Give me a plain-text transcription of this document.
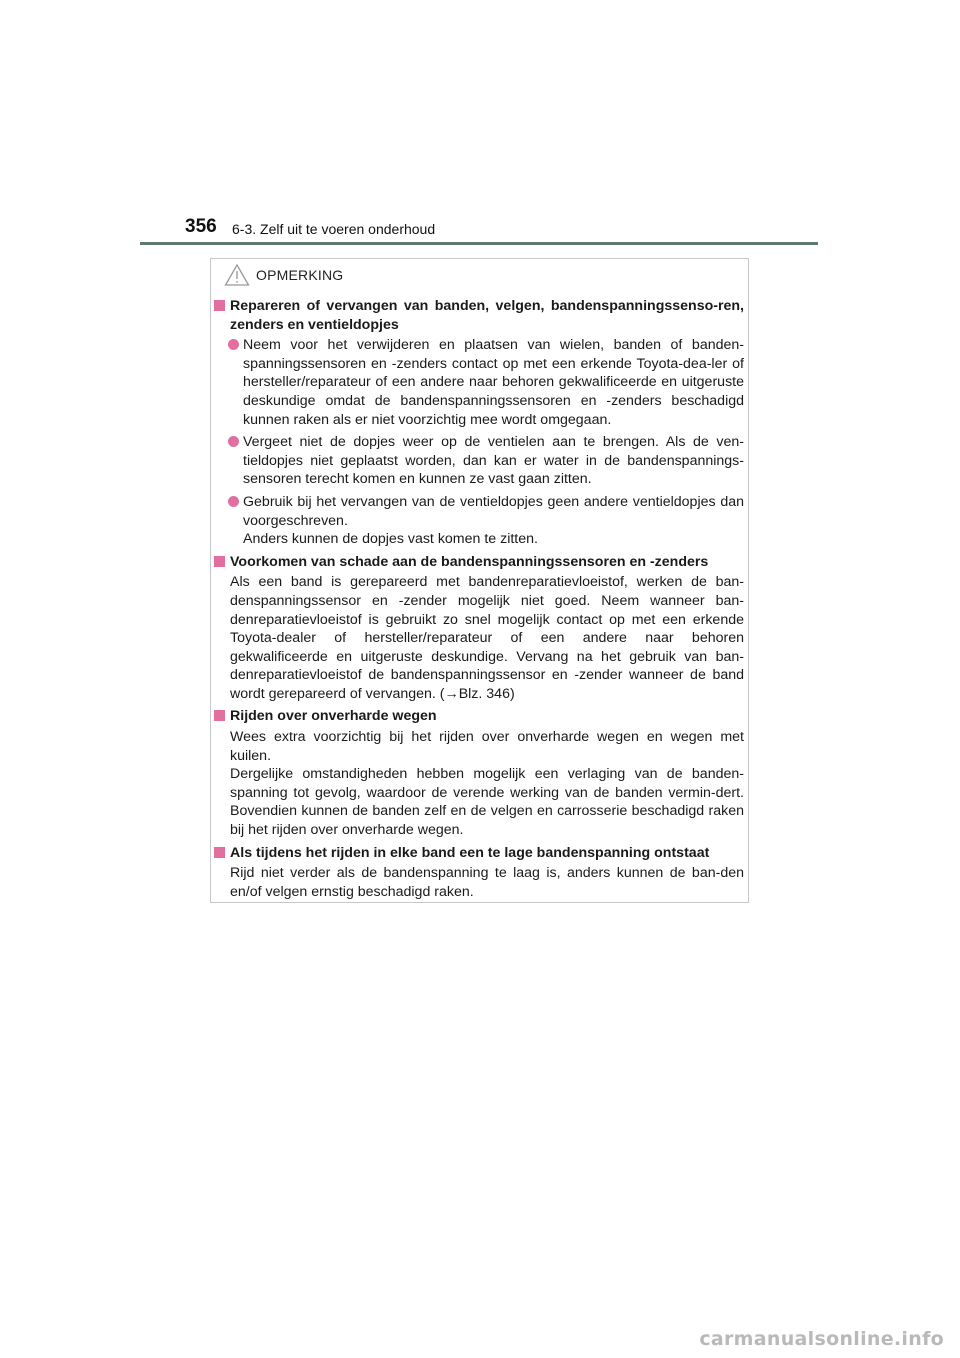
356 6-3. Zelf uit te voeren onderhoud
OPMERKING
Repareren of vervangen van banden, velgen, bandenspanningssenso-ren, zenders en ventieldopjes
Neem voor het verwijderen en plaatsen van wielen, banden of banden-spanningssensoren en -zenders contact op met een erkende Toyota-dea-ler of hersteller/reparateur of een andere naar behoren gekwalificeerde en uitgeruste deskundige omdat de bandenspanningssensoren en -zenders beschadigd kunnen raken als er niet voorzichtig mee wordt omgegaan.
Vergeet niet de dopjes weer op de ventielen aan te brengen. Als de ven-tieldopjes niet geplaatst worden, dan kan er water in de bandenspannings-sensoren terecht komen en kunnen ze vast gaan zitten.
Gebruik bij het vervangen van de ventieldopjes geen andere ventieldopjes dan voorgeschreven.
Anders kunnen de dopjes vast komen te zitten.
Voorkomen van schade aan de bandenspanningssensoren en -zenders
Als een band is gerepareerd met bandenreparatievloeistof, werken de ban-denspanningssensor en -zender mogelijk niet goed. Neem wanneer ban-denreparatievloeistof is gebruikt zo snel mogelijk contact op met een erkende Toyota-dealer of hersteller/reparateur of een andere naar behoren gekwalificeerde en uitgeruste deskundige. Vervang na het gebruik van ban-denreparatievloeistof de bandenspanningssensor en -zender wanneer de band wordt gerepareerd of vervangen. (→Blz. 346)
Rijden over onverharde wegen
Wees extra voorzichtig bij het rijden over onverharde wegen en wegen met kuilen.
Dergelijke omstandigheden hebben mogelijk een verlaging van de banden-spanning tot gevolg, waardoor de verende werking van de banden vermin-dert. Bovendien kunnen de banden zelf en de velgen en carrosserie beschadigd raken bij het rijden over onverharde wegen.
Als tijdens het rijden in elke band een te lage bandenspanning ontstaat
Rijd niet verder als de bandenspanning te laag is, anders kunnen de ban-den en/of velgen ernstig beschadigd raken.
carmanualsonline.info
